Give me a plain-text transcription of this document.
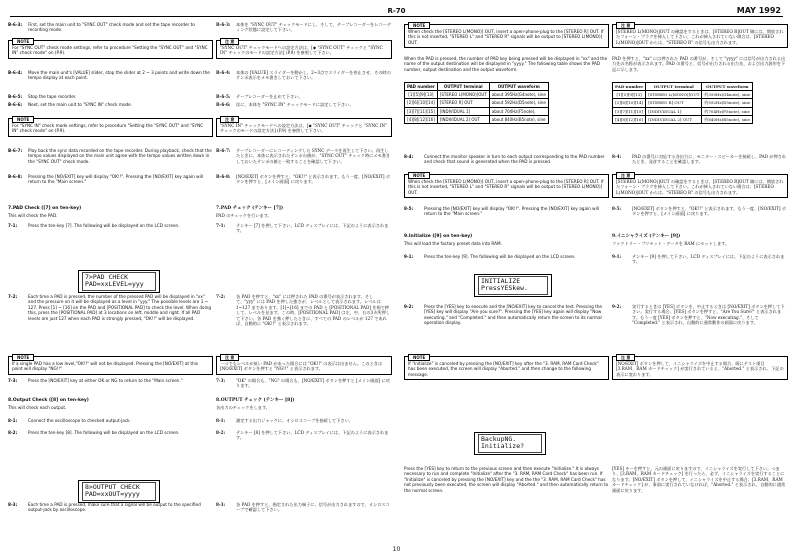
R-70	MAY 1992
B-6-3:	First, set the main unit to "SYNC OUT" check mode and set the tape recorder to recording mode.
NOTE
For "SYNC OUT" check mode settings, refer to procedure "Setting the "SYNC OUT" and "SYNC IN" check mode" on (P.9).
B-6-4:	Move the main unit's [VALUE] slider, stop the slider at 2 ~ 3 points and write down the tempo display at each point.
B-6-5:	Stop the tape recorder.
B-6-6:	Next, set the main unit to "SYNC IN" check mode.
NOTE
For "SYNC IN" check mode settings, refer to procedure "Setting the "SYNC OUT" and "SYNC IN" check mode" on (P.9).
B-6-7:	Play back the sync data recorded on the tape recorder. During playback, check that the tempo values displayed on the main unit agree with the tempo values written down in the "SYNC OUT" check mode.
B-6-8:	Pressing the [NO/EXIT] key will display "OK!!". Pressing the [NO/EXIT] key again will return to the "Main screen."
7.PAD Check ([7] on ten-key)
This will check the PAD.
7-1:	Press the ten-key [7]. The following will be displayed on the LCD screen.
7>PAD CHECK
PAD=xxLEVEL=yyy
7-2:	Each time a PAD is pressed, the number of the pressed PAD will be displayed in "xx" and the pressure on it will be displayed as a level in "yyy." The possible levels are 1 ~ 127. Press [1] ~ [16] on the PAD and [POSITIONAL PAD] to check the level. When doing this, press the [POSITIONAL PAD] at 3 locations on left, middle and right. If all PAD levels are just 127 when each PAD is strongly pressed, "OK!!" will be displayed.
NOTE
If a single PAD has a low level,"OK!!" will not be displayed. Pressing the [NO/EXIT] at this point will display "NG!!"
7-3:	Press the [NO/EXIT] key at either OK or NG to return to the "Main screen."
8.Output Check ([8] on ten-key)
This will check each output.
8-1:	Connect the oscilloscope to checked output-jack.
8-2:	Press the ten-key [8]. The following will be displayed on the LCD screen.
8>OUTPUT CHECK
PAD=xxOUT=yyyy
8-3:	Each time a PAD is pressed, make sure that a signal will be output to the specified output-jack by oscilloscope.
B-6-3:	本体を "SYNC OUT" チェックモードにし、そして、テープレコーダーをレコーディング状態に設定して下さい。
注 意
"SYNC OUT" チェックモードへの設定方法は、[◆ "SYNC OUT" チェックと "SYNC IN" チェックのモードの設定方法] (P.9) を参照して下さい。
B-6-4:	本体の [VALUE] スライダーを動かし、2~3点でスライダーを停止させ、その時のテンポ表示をメモ書きしておいて下さい。
B-6-5:	テープレコーダーを止めて下さい。
B-6-6:	次に、本体を "SYNC IN" チェックモードに設定して下さい。
注 意
"SYNC IN" チェックモードへの設定方法は、[◆ "SYNC OUT" チェックと "SYNC IN" チェックのモードの設定方法] (P.9) を参照して下さい。
B-6-7:	テープレコーダーにレコーディングした SYNC データを再生して下さい。再生したときに、本体に表示されたテンポの値が、"SYNC OUT" チェック時にメモ書きしておいたテンポの値と一致することを確認して下さい。
B-6-8:	[NO/EXIT] ボタンを押すと、"OK!!" と表示されます。もう一度、[NO/EXIT] ボタンを押すと、[メイン画面] に戻ります。
7.PAD チェック (テンキー [7])
PAD のチェックを行います。
7-1:	テンキー [7] を押して下さい。LCD ディスプレイには、下記のように表示されます。
7-2:	各 PAD を押すと、"xx" には押された PAD の番号が表示されます。そして、"yyy" には PAD を押した強さが、レベルとして表示されます。レベルは 1~127 まであります。[1]~[16] までの PAD と [POSITIONAL PAD] を指で押して、レベルを見ます。この時、[POSITIONAL PAD] は左、中、右の3カ所押して下さい。各 PAD を強く押したときに、すべての PAD のレベルが 127 であれば、自動的に "OK!!" と表示されます。
注 意
一つでもレベルが低い PAD があった場合には "OK!!" の表示は出ません。このときは [NO/EXIT] ボタンを押すと "NG!!" と表示されます。
7-3:	"OK" の場合も、"NG" の場合も、[NO/EXIT] ボタンを押すと [メイン画面] に戻ります。
8.OUTPUT チェック (テンキー [8])
各出力のチェックをします。
8-1:	測定する出力ジャックに、オシロスコープを接続して下さい。
8-2:	テンキー [8] を押して下さい。LCD ディスプレイには、下記のように表示されます。
8-3:	各 PAD を押すと、指定された出力端子に、信号が出力されますので、オシロスコープで確認して下さい。
NOTE
When check the [STEREO L(MONO)] OUT, insert a open-phone-plug to the [STEREO R] OUT. If this is not inserted, "STEREO L" and "STEREO R" signals will be output to [STEREO L(MONO)] OUT.
When the PAD is pressed, the number of PAD key being pressed will be displayed in "xx" and the name of the output destination will be displayed in "yyyy." The following table shows the PAD number, output destination and the output waveform.
PAD number	OUTPUT terminal	OUTPUT waveform
[1][5][9][13]	[STEREO L(MONO)]OUT	about 395Hz(G4note), sine
[2][6][10][14]	[STEREO R] OUT	about 592Hz(D5note), sine
[3][7][11][15]	[INDIVIDUAL 1]	about 704Hz(F5note),
[4][8][12][16]	[INDIVIDUAL 2] OUT	about 840Hz(B5note), sine
8-4:	Connect the monitor speaker in turn to each output corresponding to the PAD number and check that sound is generated when the PAD is pressed.
NOTE
When check the [STEREO L(MONO)] OUT, insert a open-phone-plug to the [STEREO R] OUT. If this is not inserted, "STEREO L" and "STEREO R" signals will be output to [STEREO L(MONO)] OUT.
8-5:	Pressing the [NO/EXIT] key will display "OK!!". Pressing the [NO/EXIT] key again will return to the "Main screen."
9.Initialize ([9] on ten-key)
This will load the factory preset data into RAM.
9-1:	Press the ten-key [9]. The following will be displayed on the LCD screen.
INITIALIZE
PressYESkew.
9-2:	Press the [YES] key to execute and the [NO/EXIT] key to cancel the test. Pressing the [YES] key will display "Are you sure?". Pressing the [YES] key again will display "Now executing." and "Completed." and then automatically return the screen to its normal operation display.
NOTE
If "Initialize" is canceled by pressing the [NO/EXIT] key after the "3. RAM, RAM Card Check" has been executed, the screen will display "Aborted." and then change to the following message.
BackupNG.
Initialize?
Press the [YES] key to return to the previous screen and then execute "Initialize." It is always necessary to run and complete "Initialize" after the "3. RAM, RAM Card Check" has been run. If "Initialize" is canceled by pressing the [NO/EXIT] key and the the "3. RAM, RAM Card Check" has not previously been executed, the screen will display "Aborted." and then automatically return to the normal screen.
注 意
[STEREO L(MONO)]OUT の確認をするときは、[STEREO R]OUT 側には、開放されたフォーン・プラグを挿入して下さい。これが挿入されていない場合は、[STEREO L(MONO)]OUT からは、"STEREO R" の信号も出力されます。
PAD を押すと、"xx" には押された PAD の番号が、そして "yyyy" には信号が出力される出力先の名称が表示されます。PAD の番号と、信号が出力される出力先、および出力波形を下記に示します。
PAD number	OUTPUT terminal	OUTPUT waveform
[1][5][9][13]	[STEREO L(MONO)]OUT	約395Hz(G4note), sine
[2][6][10][14]	[STEREO R] OUT	約592Hz(D5note), sine
[3][7][11][15]	[INDIVIDUAL 1]	約704Hz(F5note), sine
[4][8][12][16]	[INDIVIDUAL 2] OUT	約840Hz(B5note), sine
8-4:	PAD の番号に対応する各出力に、モニター・スピーカーを接続し、PAD が押されたとき、発音することを確認します。
注 意
[STEREO L(MONO)]OUT の確認をするときは、[STEREO R]OUT 側には、開放されたフォーン・プラグを挿入して下さい。これが挿入されていない場合は、[STEREO L(MONO)]OUT からは、"STEREO R" の信号も出力されます。
8-5:	[NO/EXIT] ボタンを押すと、"OK!!" と表示されます。もう一度、[NO/EXIT] ボタンを押すと、[メイン画面] に戻ります。
9.イニシャライズ (テンキー [9])
ファクトリー・プリセット・データを RAM にセットします。
9-1:	テンキー [9] を押して下さい。LCD ディスプレイには、下記のように表示されます。
9-2:	実行するときは [YES] ボタンを、中止するときは [NO/EXIT] ボタンを押して下さい。実行する場合、[YES] ボタンを押すと、"Are You Sure?" と表示されます。もう一度 [YES] ボタンを押すと、"Now executing."、そして "Completed." と表示され、自動的に通常動作の画面に戻ります。
注 意
[NO/EXIT] ボタンを押して、イニシャライズを中止する場合、既にテスト項目 [3.RAM、RAM カードチェック] が実行されていると、"Aborted." と表示され、下記の表示に変わります。
[YES] キーを押すと、元の画面に戻りますので、イニシャライズを実行して下さい。つまり、[3.RAM、RAM カードチェック] を行ったら、必ず、イニシャライズを実行することになります。[NO/EXIT] ボタンを押して、イニシャライズを中止する場合、[3.RAM、RAM カードチェック] が、事前に実行されていなければ、"Aborted." と表示され、自動的に通常画面に戻ります。
10
